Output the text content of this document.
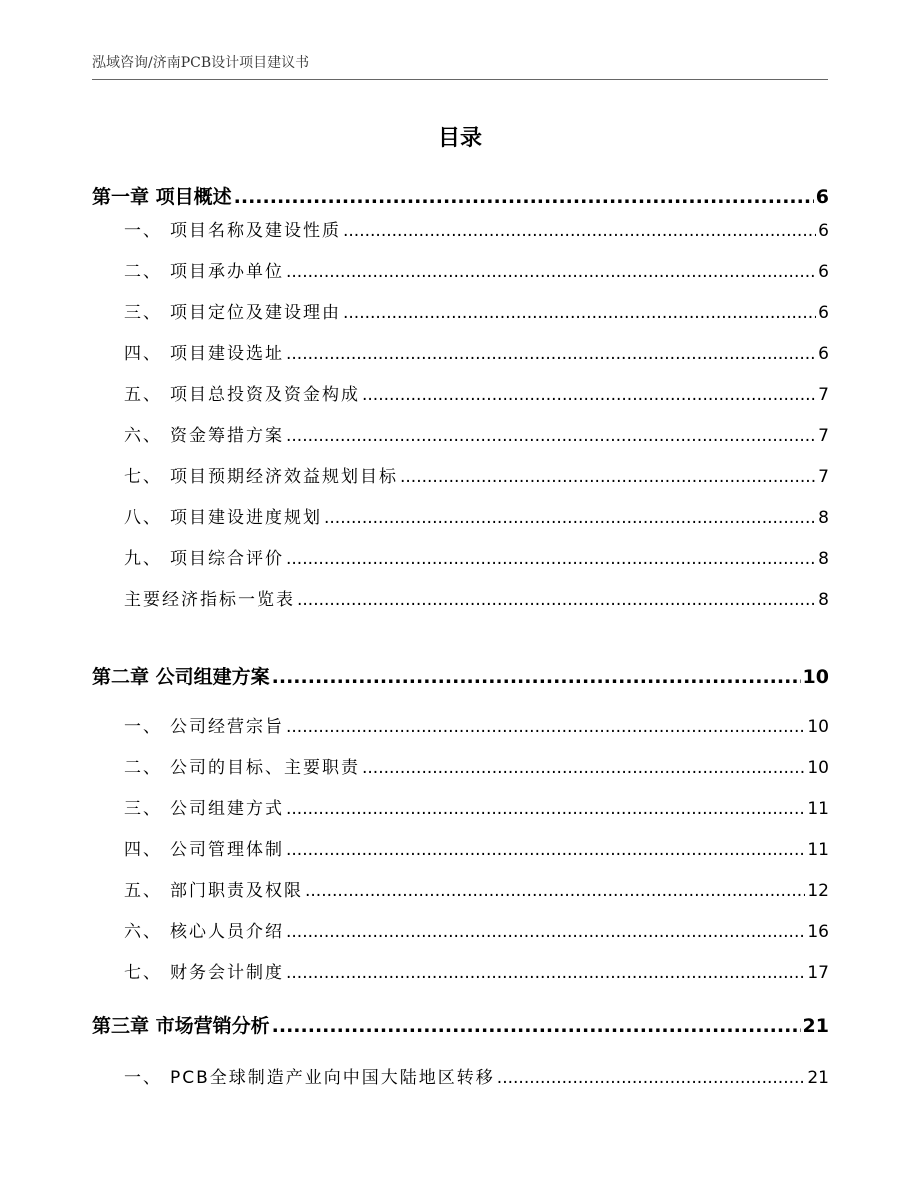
泓域咨询/济南PCB设计项目建议书
目录
第一章 项目概述 .....	6
一、 项目名称及建设性质 .....	6
二、 项目承办单位 .....	6
三、 项目定位及建设理由 .....	6
四、 项目建设选址 .....	6
五、 项目总投资及资金构成 .....	7
六、 资金筹措方案 .....	7
七、 项目预期经济效益规划目标 .....	7
八、 项目建设进度规划 .....	8
九、 项目综合评价 .....	8
主要经济指标一览表 .....	8
第二章 公司组建方案 .....	10
一、 公司经营宗旨 .....	10
二、 公司的目标、主要职责 .....	10
三、 公司组建方式 .....	11
四、 公司管理体制 .....	11
五、 部门职责及权限 .....	12
六、 核心人员介绍 .....	16
七、 财务会计制度 .....	17
第三章 市场营销分析 .....	21
一、 PCB全球制造产业向中国大陆地区转移 .....	21
